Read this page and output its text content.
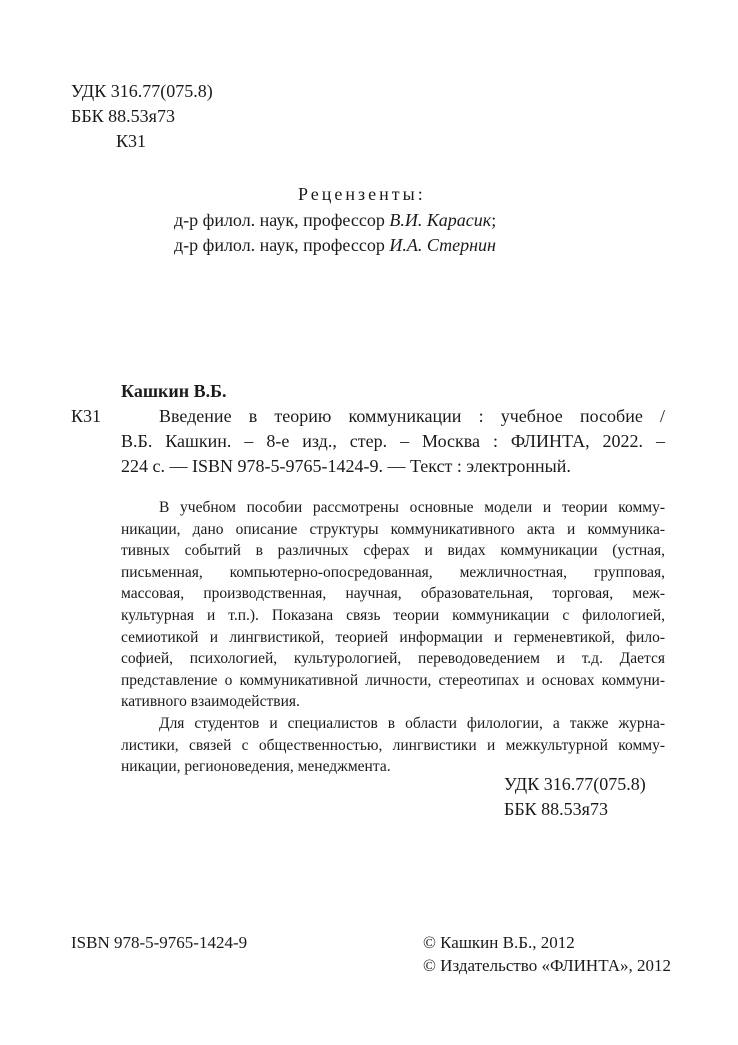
УДК 316.77(075.8)
ББК 88.53я73
К31
Рецензенты:
д-р филол. наук, профессор В.И. Карасик;
д-р филол. наук, профессор И.А. Стернин
Кашкин В.Б.
К31	Введение в теорию коммуникации : учебное пособие /
В.Б. Кашкин. – 8-е изд., стер. – Москва : ФЛИНТА, 2022. –
224 с. — ISBN 978-5-9765-1424-9. — Текст : электронный.
В учебном пособии рассмотрены основные модели и теории комму-
никации, дано описание структуры коммуникативного акта и коммуника-
тивных событий в различных сферах и видах коммуникации (устная,
письменная, компьютерно-опосредованная, межличностная, групповая,
массовая, производственная, научная, образовательная, торговая, меж-
культурная и т.п.). Показана связь теории коммуникации с филологией,
семиотикой и лингвистикой, теорией информации и герменевтикой, фило-
софией, психологией, культурологией, переводоведением и т.д. Дается
представление о коммуникативной личности, стереотипах и основах коммуни-
кативного взаимодействия.
Для студентов и специалистов в области филологии, а также журна-
листики, связей с общественностью, лингвистики и межкультурной комму-
никации, регионоведения, менеджмента.
УДК 316.77(075.8)
ББК 88.53я73
ISBN 978-5-9765-1424-9	© Кашкин В.Б., 2012
© Издательство «ФЛИНТА», 2012
